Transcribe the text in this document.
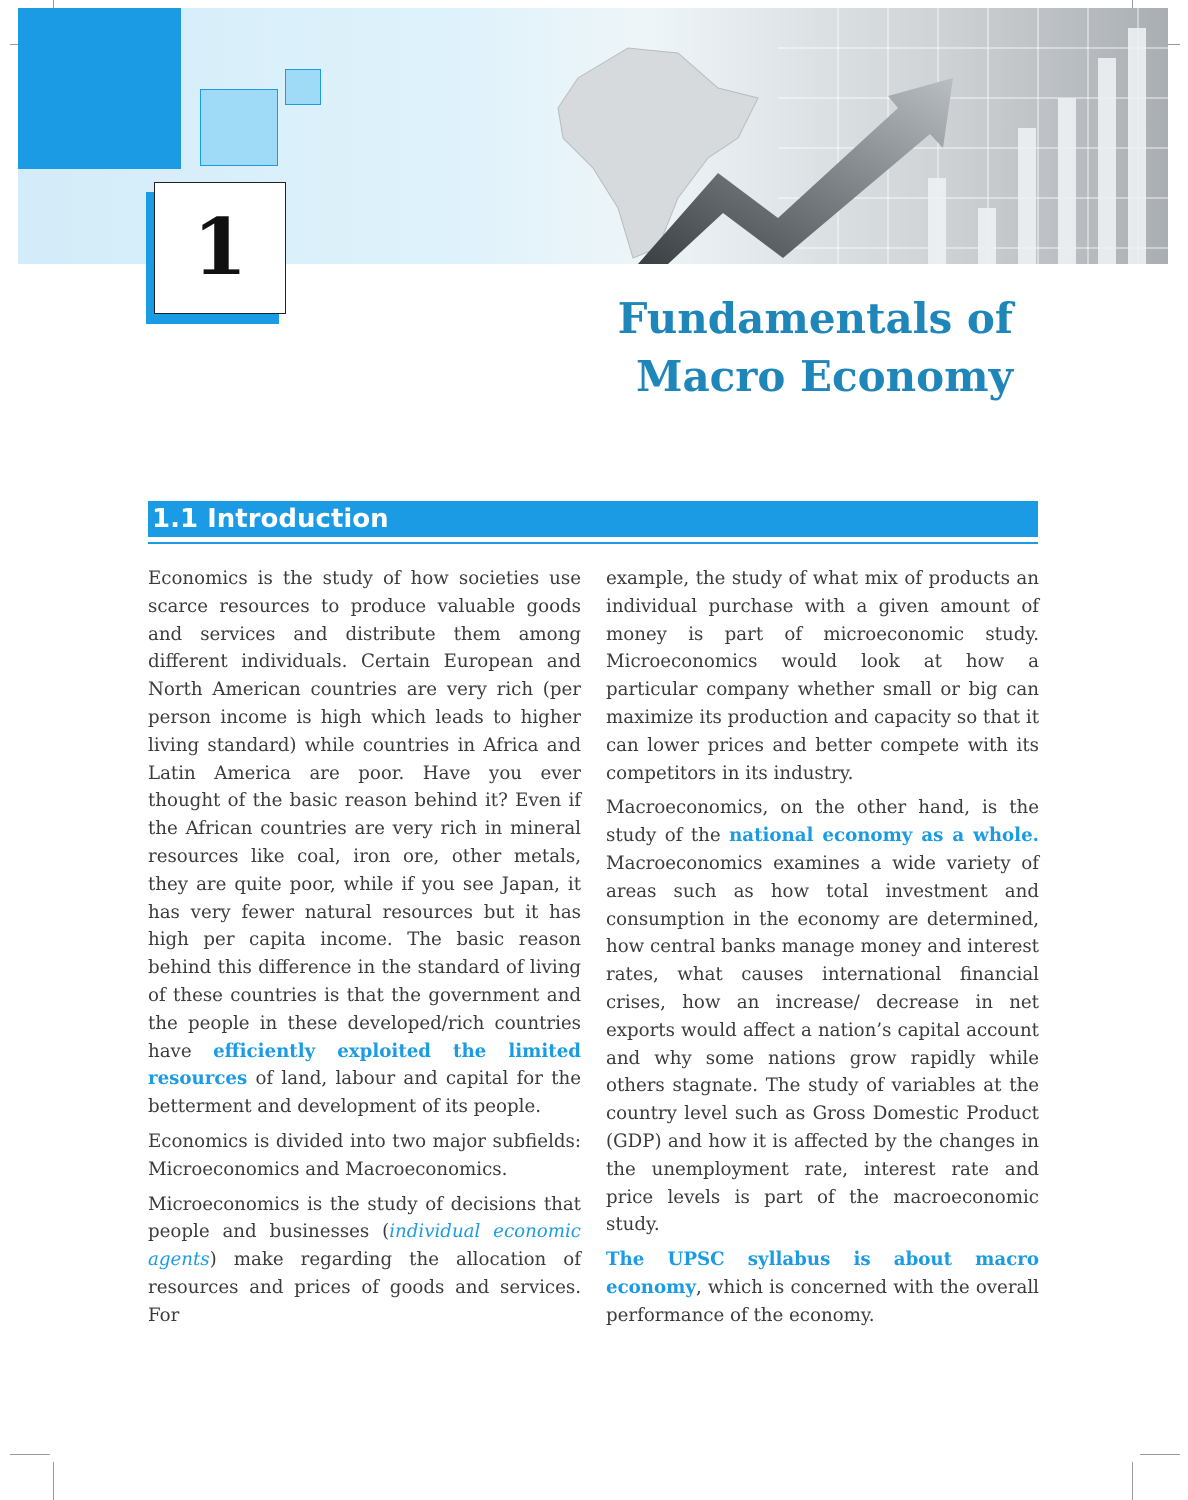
1
Fundamentals of
Macro Economy
1.1 Introduction

Economics is the study of how societies use scarce resources to produce valuable goods and services and distribute them among different individuals. Certain European and North American countries are very rich (per person income is high which leads to higher living standard) while countries in Africa and Latin America are poor. Have you ever thought of the basic reason behind it? Even if the African countries are very rich in mineral resources like coal, iron ore, other metals, they are quite poor, while if you see Japan, it has very fewer natural resources but it has high per capita income. The basic reason behind this difference in the standard of living of these countries is that the government and the people in these developed/rich countries have efficiently exploited the limited resources of land, labour and capital for the betterment and development of its people.

Economics is divided into two major subfields: Microeconomics and Macroeconomics.

Microeconomics is the study of decisions that people and businesses (individual economic agents) make regarding the allocation of resources and prices of goods and services. For

example, the study of what mix of products an individual purchase with a given amount of money is part of microeconomic study. Microeconomics would look at how a particular company whether small or big can maximize its production and capacity so that it can lower prices and better compete with its competitors in its industry.

Macroeconomics, on the other hand, is the study of the national economy as a whole. Macroeconomics examines a wide variety of areas such as how total investment and consumption in the economy are determined, how central banks manage money and interest rates, what causes international financial crises, how an increase/ decrease in net exports would affect a nation’s capital account and why some nations grow rapidly while others stagnate. The study of variables at the country level such as Gross Domestic Product (GDP) and how it is affected by the changes in the unemployment rate, interest rate and price levels is part of the macroeconomic study.

The UPSC syllabus is about macro economy, which is concerned with the overall performance of the economy.
